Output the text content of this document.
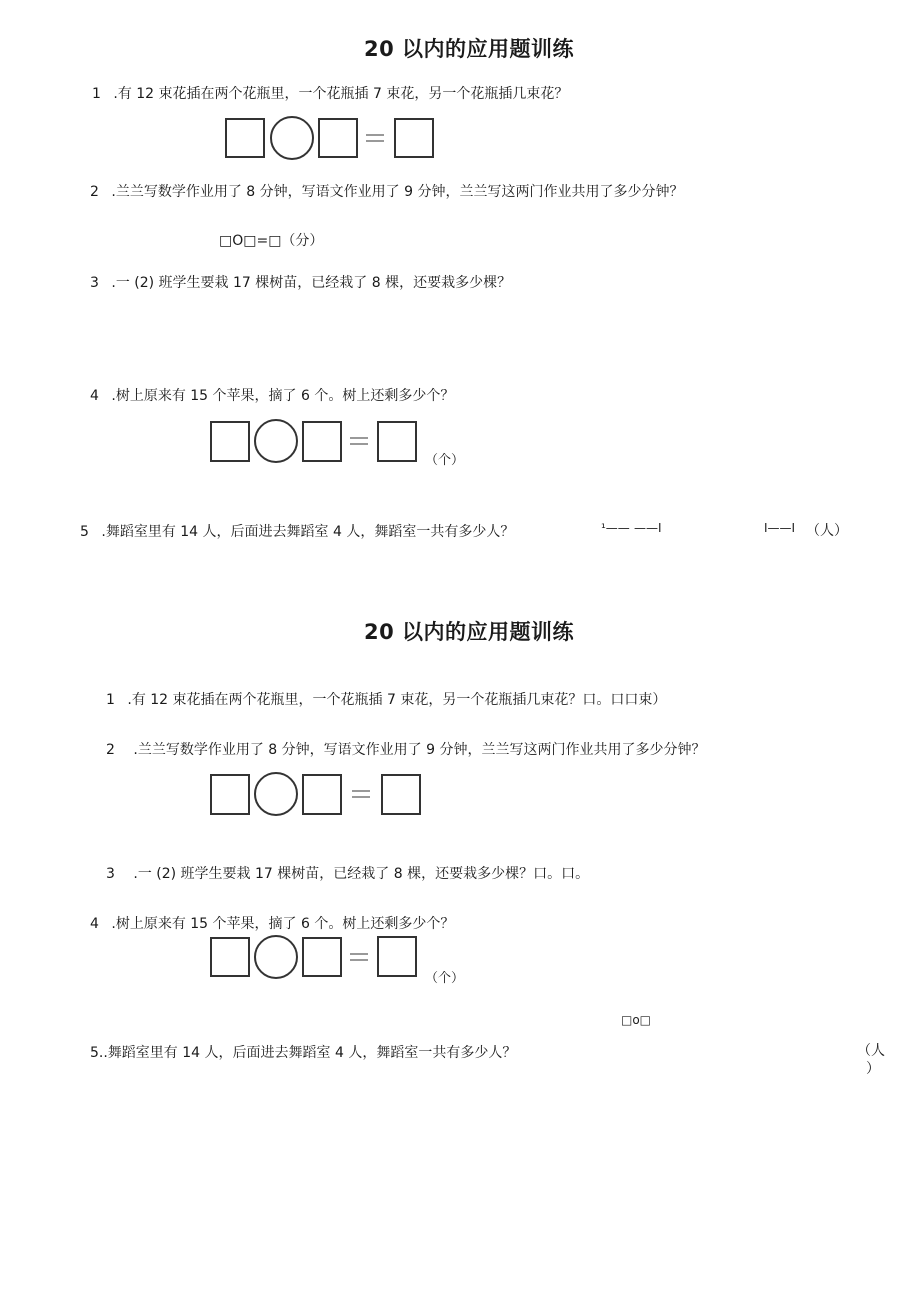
20 以内的应用题训练
1 .有 12 束花插在两个花瓶里，一个花瓶插 7 束花，另一个花瓶插几束花？
2 .兰兰写数学作业用了 8 分钟，写语文作业用了 9 分钟，兰兰写这两门作业共用了多少分钟？
□O□=□（分）
3 .一 (2) 班学生要栽 17 棵树苗，已经栽了 8 棵，还要栽多少棵？
4 .树上原来有 15 个苹果，摘了 6 个。树上还剩多少个？
（个）
5 .舞蹈室里有 14 人，后面进去舞蹈室 4 人，舞蹈室一共有多少人？	¹—— ——I	I——I （人）
20 以内的应用题训练
1 .有 12 束花插在两个花瓶里，一个花瓶插 7 束花，另一个花瓶插几束花？口。口口束）
2 .兰兰写数学作业用了 8 分钟，写语文作业用了 9 分钟，兰兰写这两门作业共用了多少分钟？
3 .一 (2) 班学生要栽 17 棵树苗，已经栽了 8 棵，还要栽多少棵？口。口。
4 .树上原来有 15 个苹果，摘了 6 个。树上还剩多少个？
（个）
□o□
5..舞蹈室里有 14 人，后面进去舞蹈室 4 人，舞蹈室一共有多少人？	（人
）
